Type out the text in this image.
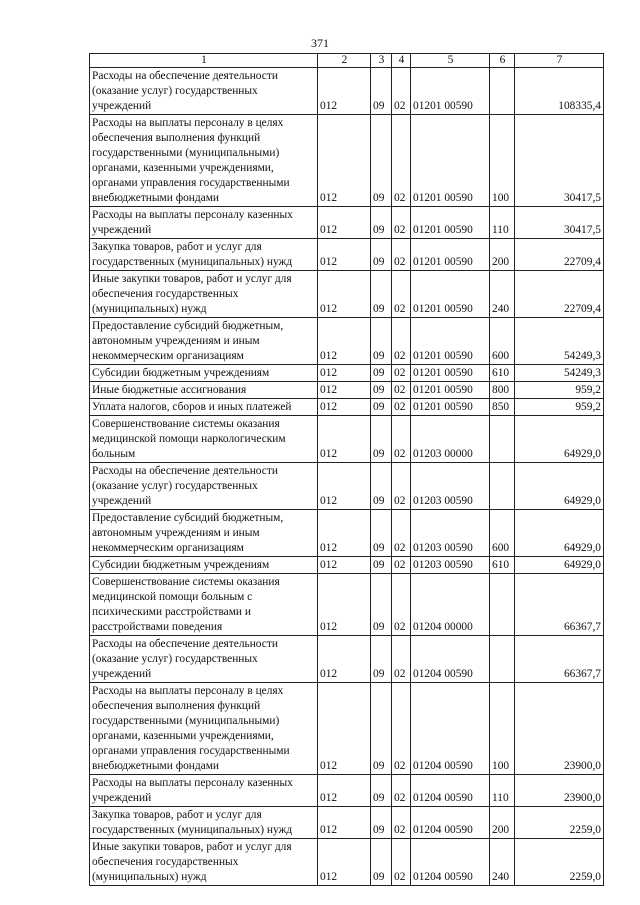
371
1	2	3	4	5	6	7
Расходы на обеспечение деятельности (оказание услуг) государственных учреждений	012	09	02	01201 00590		108335,4
Расходы на выплаты персоналу в целях обеспечения выполнения функций государственными (муниципальными) органами, казенными учреждениями, органами управления государственными внебюджетными фондами	012	09	02	01201 00590	100	30417,5
Расходы на выплаты персоналу казенных учреждений	012	09	02	01201 00590	110	30417,5
Закупка товаров, работ и услуг для государственных (муниципальных) нужд	012	09	02	01201 00590	200	22709,4
Иные закупки товаров, работ и услуг для обеспечения государственных (муниципальных) нужд	012	09	02	01201 00590	240	22709,4
Предоставление субсидий бюджетным, автономным учреждениям и иным некоммерческим организациям	012	09	02	01201 00590	600	54249,3
Субсидии бюджетным учреждениям	012	09	02	01201 00590	610	54249,3
Иные бюджетные ассигнования	012	09	02	01201 00590	800	959,2
Уплата налогов, сборов и иных платежей	012	09	02	01201 00590	850	959,2
Совершенствование системы оказания медицинской помощи наркологическим больным	012	09	02	01203 00000		64929,0
Расходы на обеспечение деятельности (оказание услуг) государственных учреждений	012	09	02	01203 00590		64929,0
Предоставление субсидий бюджетным, автономным учреждениям и иным некоммерческим организациям	012	09	02	01203 00590	600	64929,0
Субсидии бюджетным учреждениям	012	09	02	01203 00590	610	64929,0
Совершенствование системы оказания медицинской помощи больным с психическими расстройствами и расстройствами поведения	012	09	02	01204 00000		66367,7
Расходы на обеспечение деятельности (оказание услуг) государственных учреждений	012	09	02	01204 00590		66367,7
Расходы на выплаты персоналу в целях обеспечения выполнения функций государственными (муниципальными) органами, казенными учреждениями, органами управления государственными внебюджетными фондами	012	09	02	01204 00590	100	23900,0
Расходы на выплаты персоналу казенных учреждений	012	09	02	01204 00590	110	23900,0
Закупка товаров, работ и услуг для государственных (муниципальных) нужд	012	09	02	01204 00590	200	2259,0
Иные закупки товаров, работ и услуг для обеспечения государственных (муниципальных) нужд	012	09	02	01204 00590	240	2259,0
